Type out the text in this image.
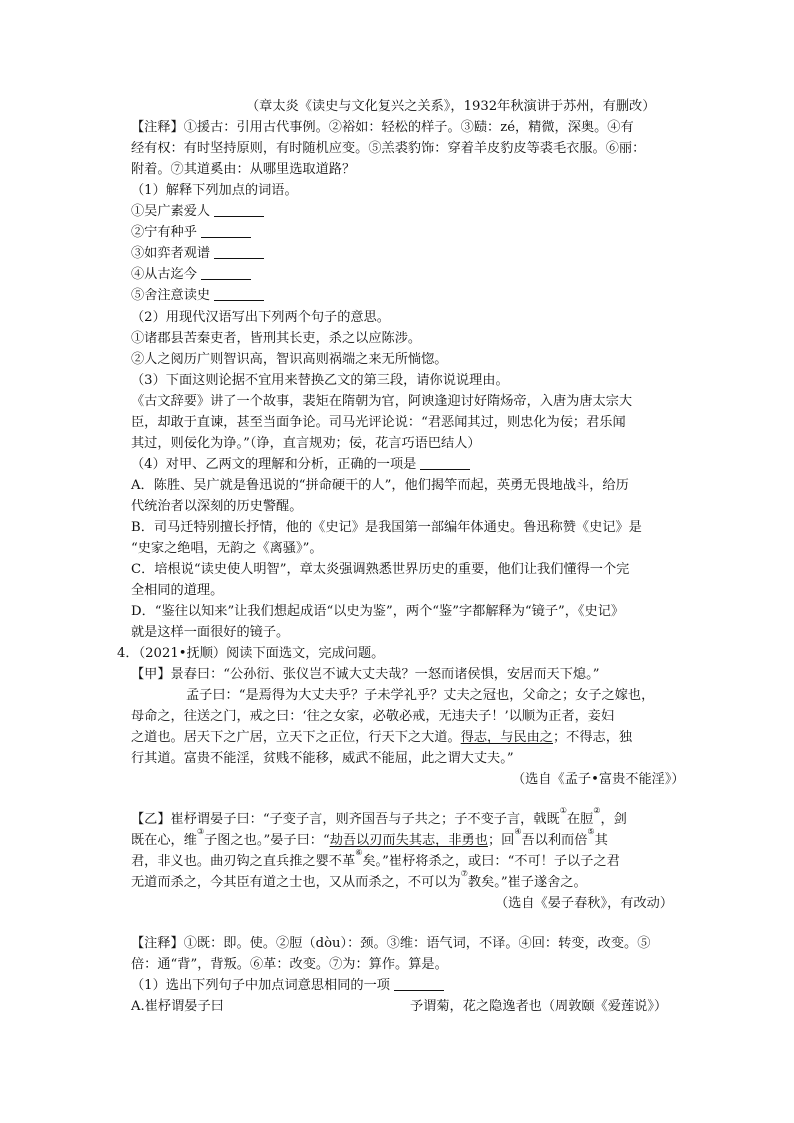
（章太炎《读史与文化复兴之关系》，1932年秋演讲于苏州，有删改）
【注释】①援古：引用古代事例。②裕如：轻松的样子。③赜：zé，精微，深奥。④有
经有权：有时坚持原则，有时随机应变。⑤羔裘豹饰：穿着羊皮豹皮等裘毛衣服。⑥丽：
附着。⑦其道奚由：从哪里选取道路？
（1）解释下列加点的词语。
①吴广素爱人
②宁有种乎
③如弈者观谱
④从古迄今
⑤舍注意读史
（2）用现代汉语写出下列两个句子的意思。
①诸郡县苦秦吏者，皆刑其长吏，杀之以应陈涉。
②人之阅历广则智识高，智识高则祸端之来无所惝惚。
（3）下面这则论据不宜用来替换乙文的第三段，请你说说理由。
《古文辞要》讲了一个故事，裴矩在隋朝为官，阿谀逢迎讨好隋炀帝，入唐为唐太宗大
臣，却敢于直谏，甚至当面争论。司马光评论说：“君恶闻其过，则忠化为佞；君乐闻
其过，则佞化为诤。”（诤，直言规劝；佞，花言巧语巴结人）
（4）对甲、乙两文的理解和分析，正确的一项是
A．陈胜、吴广就是鲁迅说的“拼命硬干的人”，他们揭竿而起，英勇无畏地战斗，给历
代统治者以深刻的历史警醒。
B．司马迁特别擅长抒情，他的《史记》是我国第一部编年体通史。鲁迅称赞《史记》是
“史家之绝唱，无韵之《离骚》”。
C．培根说“读史使人明智”，章太炎强调熟悉世界历史的重要，他们让我们懂得一个完
全相同的道理。
D．“鉴往以知来”让我们想起成语“以史为鉴”，两个“鉴”字都解释为“镜子”，《史记》
就是这样一面很好的镜子。
4．（2021•抚顺）阅读下面选文，完成问题。
【甲】景春曰：“公孙衍、张仪岂不诚大丈夫哉？一怒而诸侯惧，安居而天下熄。”
孟子曰：“是焉得为大丈夫乎？子未学礼乎？丈夫之冠也，父命之；女子之嫁也，
母命之，往送之门，戒之曰：‘往之女家，必敬必戒，无违夫子！’以顺为正者，妾妇
之道也。居天下之广居，立天下之正位，行天下之大道。得志，与民由之；不得志，独
行其道。富贵不能淫，贫贱不能移，威武不能屈，此之谓大丈夫。”
（选自《孟子•富贵不能淫》）
【乙】崔杼谓晏子曰：“子变子言，则齐国吾与子共之；子不变子言，戟既①在脰②，剑
既在心，维③子图之也。”晏子曰：“劫吾以刃而失其志，非勇也；回④吾以利而倍⑤其
君，非义也。曲刃钩之直兵推之婴不革⑥矣。”崔杼将杀之，或曰：“不可！子以子之君
无道而杀之，今其臣有道之士也，又从而杀之，不可以为⑦教矣。”崔子遂舍之。
（选自《晏子春秋》，有改动）
【注释】①既：即。使。②脰（dòu）：颈。③维：语气词，不译。④回：转变，改变。⑤
倍：通“背”，背叛。⑥革：改变。⑦为：算作。算是。
（1）选出下列句子中加点词意思相同的一项
A.崔杼谓晏子曰	予谓菊，花之隐逸者也（周敦颐《爱莲说》）
